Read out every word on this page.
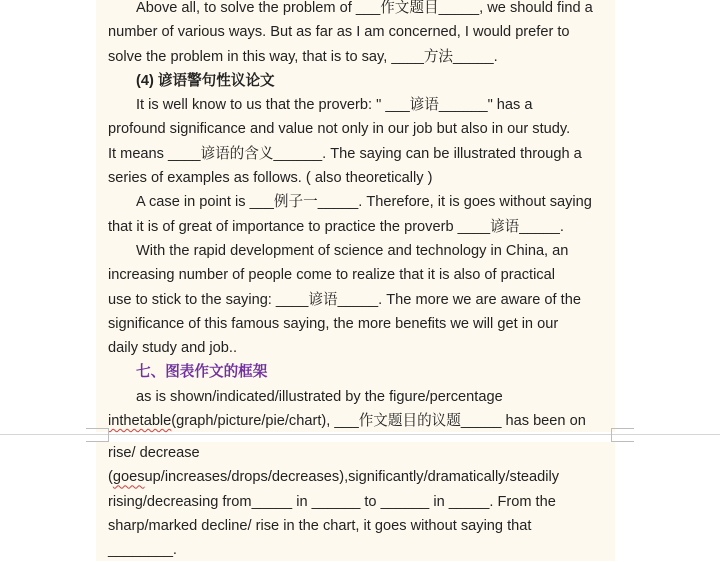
Above all, to solve the problem of ___作文题目_____, we should find a
number of various ways. But as far as I am concerned, I would prefer to
solve the problem in this way, that is to say, ____方法_____.
(4) 谚语警句性议论文
It is well know to us that the proverb: " ___谚语______" has a
profound significance and value not only in our job but also in our study.
It means ____谚语的含义______. The saying can be illustrated through a
series of examples as follows. ( also theoretically )
A case in point is ___例子一_____. Therefore, it is goes without saying
that it is of great of importance to practice the proverb ____谚语_____.
With the rapid development of science and technology in China, an
increasing number of people come to realize that it is also of practical
use to stick to the saying: ____谚语_____. The more we are aware of the
significance of this famous saying, the more benefits we will get in our
daily study and job..
七、图表作文的框架
as is shown/indicated/illustrated by the figure/percentage
inthetable(graph/picture/pie/chart), ___作文题目的议题_____ has been on
rise/ decrease
(goesup/increases/drops/decreases),significantly/dramatically/steadily
rising/decreasing from_____ in ______ to ______ in _____. From the
sharp/marked decline/ rise in the chart, it goes without saying that
________.
